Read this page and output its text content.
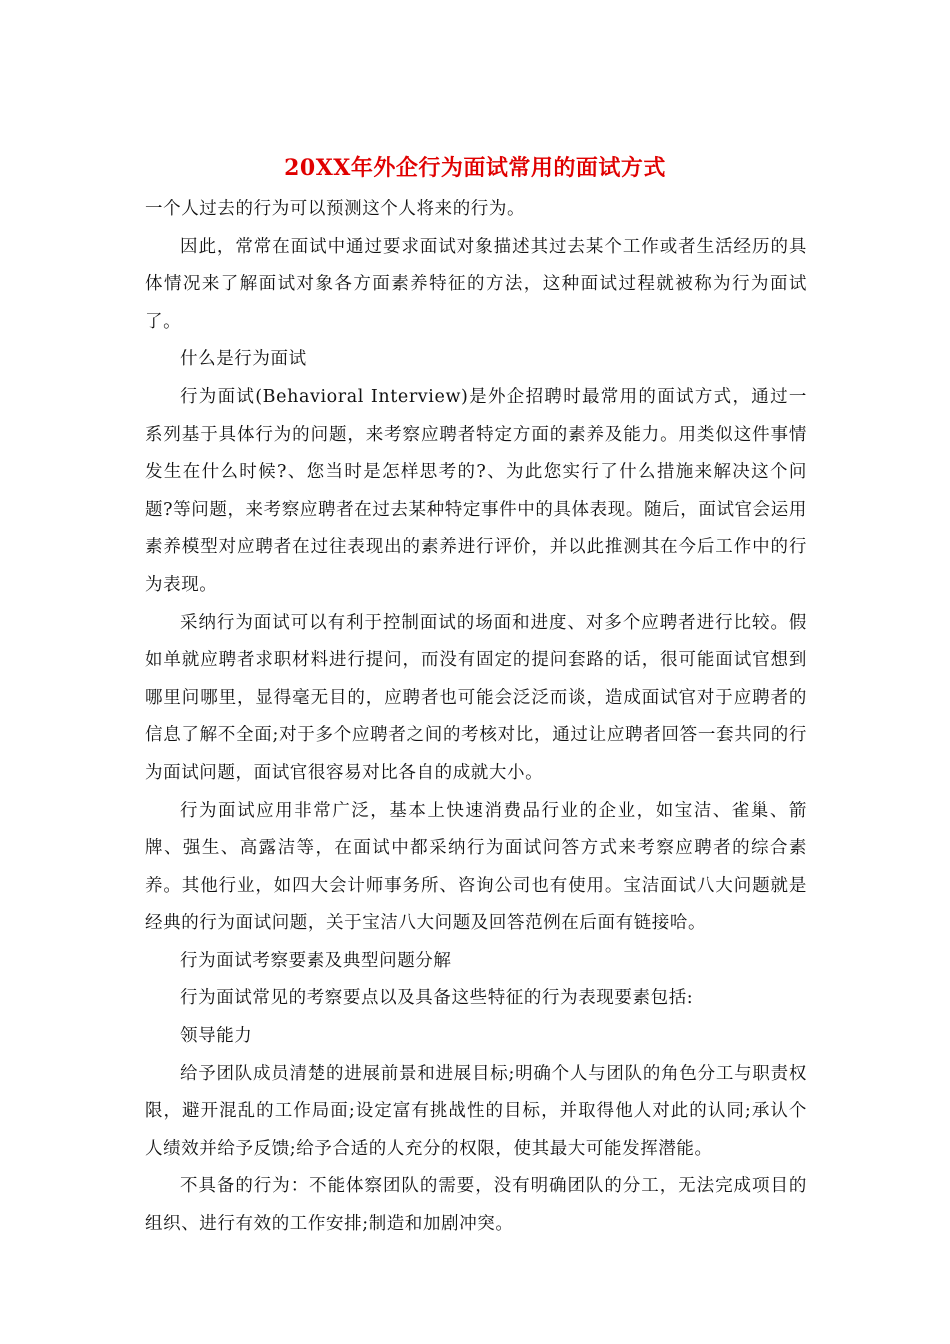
20XX年外企行为面试常用的面试方式

一个人过去的行为可以预测这个人将来的行为。

因此，常常在面试中通过要求面试对象描述其过去某个工作或者生活经历的具体情况来了解面试对象各方面素养特征的方法，这种面试过程就被称为行为面试了。

什么是行为面试

行为面试(Behavioral Interview)是外企招聘时最常用的面试方式，通过一系列基于具体行为的问题，来考察应聘者特定方面的素养及能力。用类似这件事情发生在什么时候?、您当时是怎样思考的?、为此您实行了什么措施来解决这个问题?等问题，来考察应聘者在过去某种特定事件中的具体表现。随后，面试官会运用素养模型对应聘者在过往表现出的素养进行评价，并以此推测其在今后工作中的行为表现。

采纳行为面试可以有利于控制面试的场面和进度、对多个应聘者进行比较。假如单就应聘者求职材料进行提问，而没有固定的提问套路的话，很可能面试官想到哪里问哪里，显得毫无目的，应聘者也可能会泛泛而谈，造成面试官对于应聘者的信息了解不全面;对于多个应聘者之间的考核对比，通过让应聘者回答一套共同的行为面试问题，面试官很容易对比各自的成就大小。

行为面试应用非常广泛，基本上快速消费品行业的企业，如宝洁、雀巢、箭牌、强生、高露洁等，在面试中都采纳行为面试问答方式来考察应聘者的综合素养。其他行业，如四大会计师事务所、咨询公司也有使用。宝洁面试八大问题就是经典的行为面试问题，关于宝洁八大问题及回答范例在后面有链接哈。

行为面试考察要素及典型问题分解

行为面试常见的考察要点以及具备这些特征的行为表现要素包括:

领导能力

给予团队成员清楚的进展前景和进展目标;明确个人与团队的角色分工与职责权限，避开混乱的工作局面;设定富有挑战性的目标，并取得他人对此的认同;承认个人绩效并给予反馈;给予合适的人充分的权限，使其最大可能发挥潜能。

不具备的行为：不能体察团队的需要，没有明确团队的分工，无法完成项目的组织、进行有效的工作安排;制造和加剧冲突。
